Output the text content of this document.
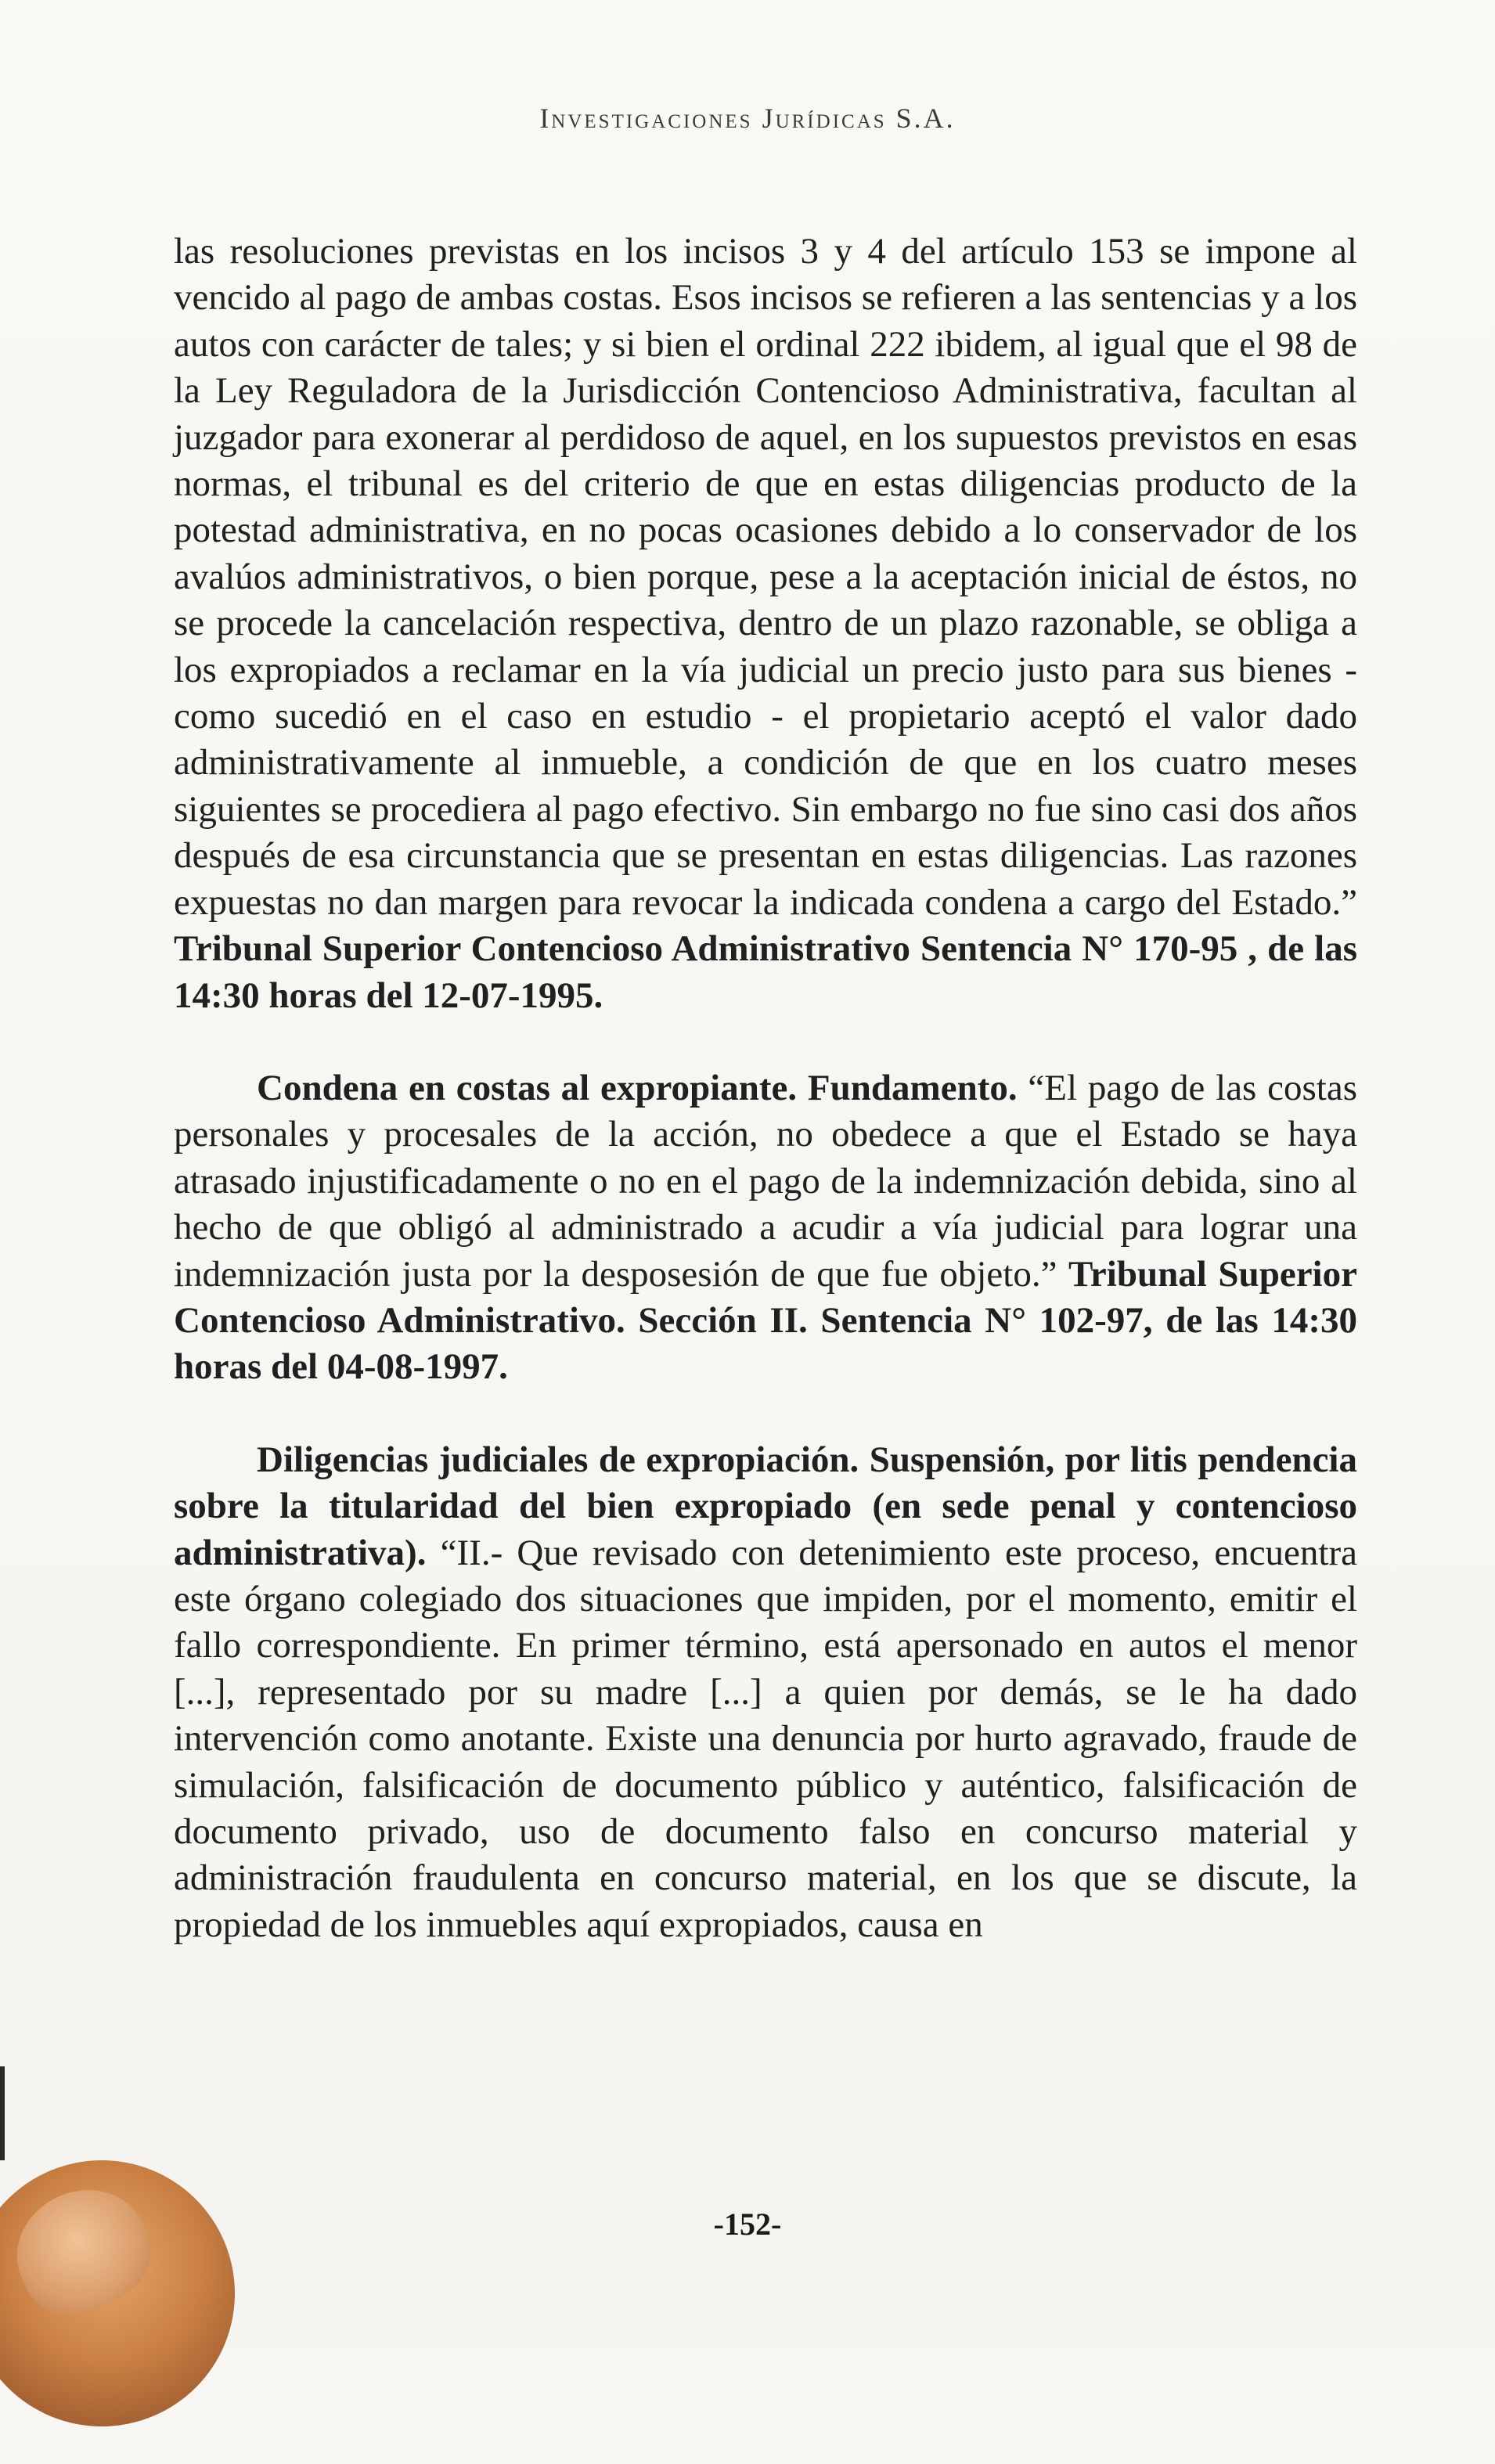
Investigaciones Jurídicas S.A.

las resoluciones previstas en los incisos 3 y 4 del artículo 153 se impone al vencido al pago de ambas costas. Esos incisos se refieren a las sentencias y a los autos con carácter de tales; y si bien el ordinal 222 ibidem, al igual que el 98 de la Ley Reguladora de la Jurisdicción Contencioso Administrativa, facultan al juzgador para exonerar al perdidoso de aquel, en los supuestos previstos en esas normas, el tribunal es del criterio de que en estas diligencias producto de la potestad administrativa, en no pocas ocasiones debido a lo conservador de los avalúos administrativos, o bien porque, pese a la aceptación inicial de éstos, no se procede la cancelación respectiva, dentro de un plazo razonable, se obliga a los expropiados a reclamar en la vía judicial un precio justo para sus bienes - como sucedió en el caso en estudio - el propietario aceptó el valor dado administrativamente al inmueble, a condición de que en los cuatro meses siguientes se procediera al pago efectivo. Sin embargo no fue sino casi dos años después de esa circunstancia que se presentan en estas diligencias. Las razones expuestas no dan margen para revocar la indicada condena a cargo del Estado.” Tribunal Superior Contencioso Administrativo Sentencia N° 170-95 , de las 14:30 horas del 12-07-1995.

Condena en costas al expropiante. Fundamento. “El pago de las costas personales y procesales de la acción, no obedece a que el Estado se haya atrasado injustificadamente o no en el pago de la indemnización debida, sino al hecho de que obligó al administrado a acudir a vía judicial para lograr una indemnización justa por la desposesión de que fue objeto.” Tribunal Superior Contencioso Administrativo. Sección II. Sentencia N° 102-97, de las 14:30 horas del 04-08-1997.

Diligencias judiciales de expropiación. Suspensión, por litis pendencia sobre la titularidad del bien expropiado (en sede penal y contencioso administrativa). “II.- Que revisado con detenimiento este proceso, encuentra este órgano colegiado dos situaciones que impiden, por el momento, emitir el fallo correspondiente. En primer término, está apersonado en autos el menor [...], representado por su madre [...] a quien por demás, se le ha dado intervención como anotante. Existe una denuncia por hurto agravado, fraude de simulación, falsificación de documento público y auténtico, falsificación de documento privado, uso de documento falso en concurso material y administración fraudulenta en concurso material, en los que se discute, la propiedad de los inmuebles aquí expropiados, causa en

-152-
